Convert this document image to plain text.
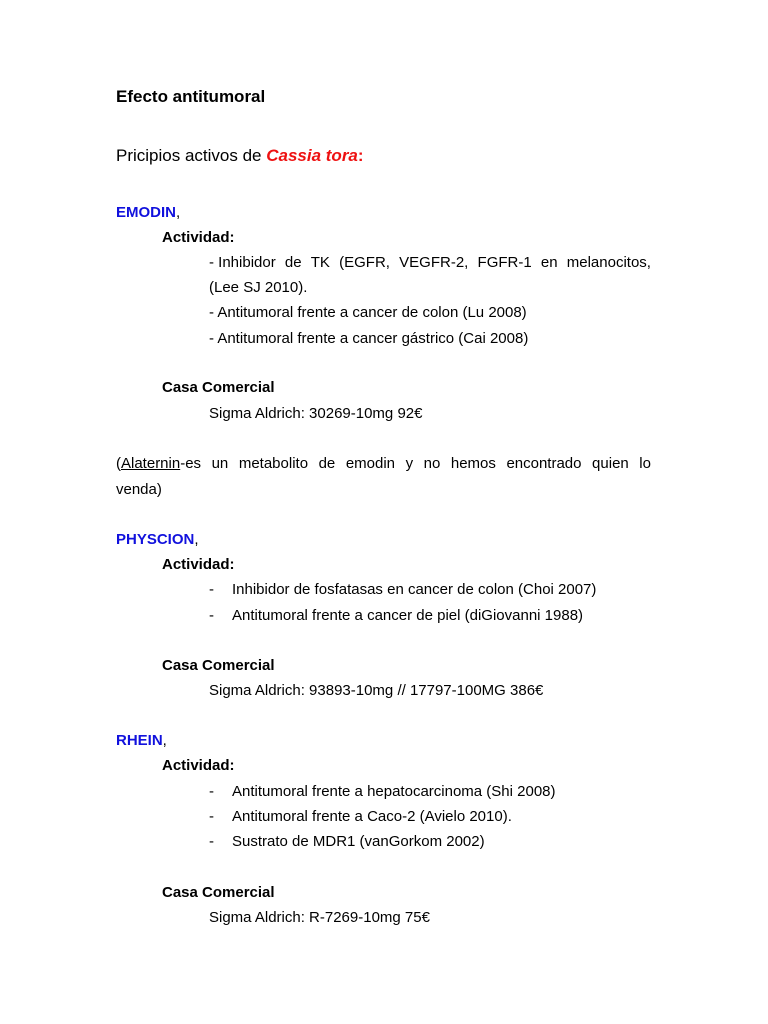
Efecto antitumoral
Pricipios activos de Cassia tora:
EMODIN,
Actividad:
- Inhibidor de TK (EGFR, VEGFR-2, FGFR-1 en melanocitos,
(Lee SJ 2010).
- Antitumoral frente a cancer de colon (Lu 2008)
- Antitumoral frente a cancer gástrico (Cai 2008)
Casa Comercial
Sigma Aldrich: 30269-10mg 92€
(Alaternin-es un metabolito de emodin y no hemos encontrado quien lo
venda)
PHYSCION,
Actividad:
- Inhibidor de fosfatasas en cancer de colon (Choi 2007)
- Antitumoral frente a cancer de piel (diGiovanni 1988)
Casa Comercial
Sigma Aldrich: 93893-10mg // 17797-100MG 386€
RHEIN,
Actividad:
- Antitumoral frente a hepatocarcinoma (Shi 2008)
- Antitumoral frente a Caco-2 (Avielo 2010).
- Sustrato de MDR1 (vanGorkom 2002)
Casa Comercial
Sigma Aldrich: R-7269-10mg 75€
